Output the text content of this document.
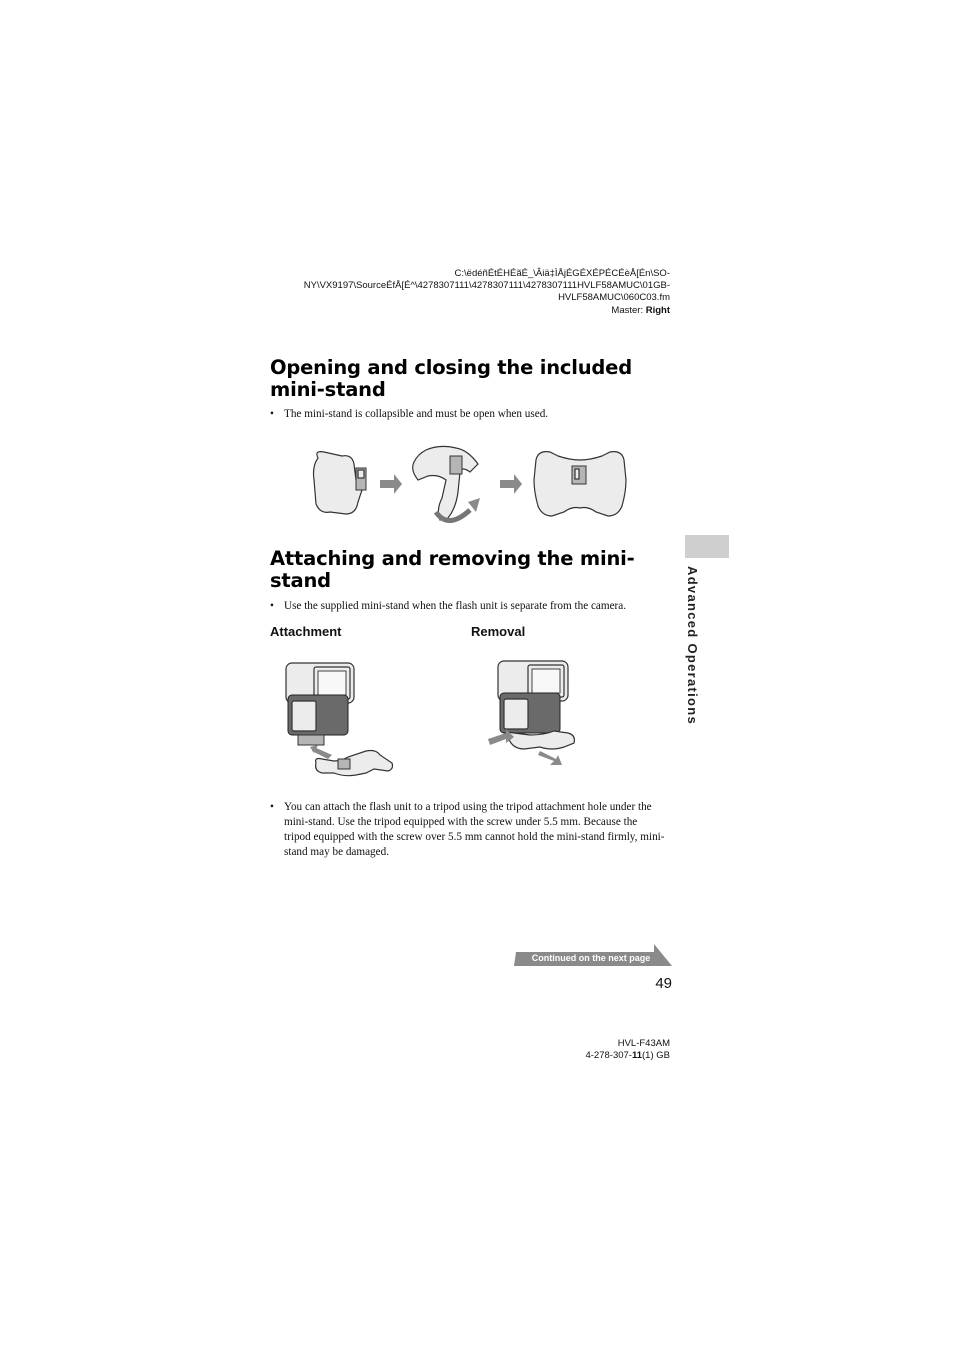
C:\ëdéñÉtÉHÉãÉ_\Âiä‡ÌÅjÉGÉXÉPÉCÉèÅ[Én\SO-
NY\VX9197\SourceÉfÅ[É^\4278307111\4278307111\4278307111HVLF58AMUC\01GB-
HVLF58AMUC\060C03.fm
Master: Right
Opening and closing the included
mini-stand
• The mini-stand is collapsible and must be open when used.
Attaching and removing the mini-
stand
• Use the supplied mini-stand when the flash unit is separate from the camera.
Attachment	Removal
• You can attach the flash unit to a tripod using the tripod attachment hole under the mini-stand. Use the tripod equipped with the screw under 5.5 mm. Because the tripod equipped with the screw over 5.5 mm cannot hold the mini-stand firmly, mini-stand may be damaged.
Advanced Operations
Continued on the next page
49
HVL-F43AM
4-278-307-11(1) GB
